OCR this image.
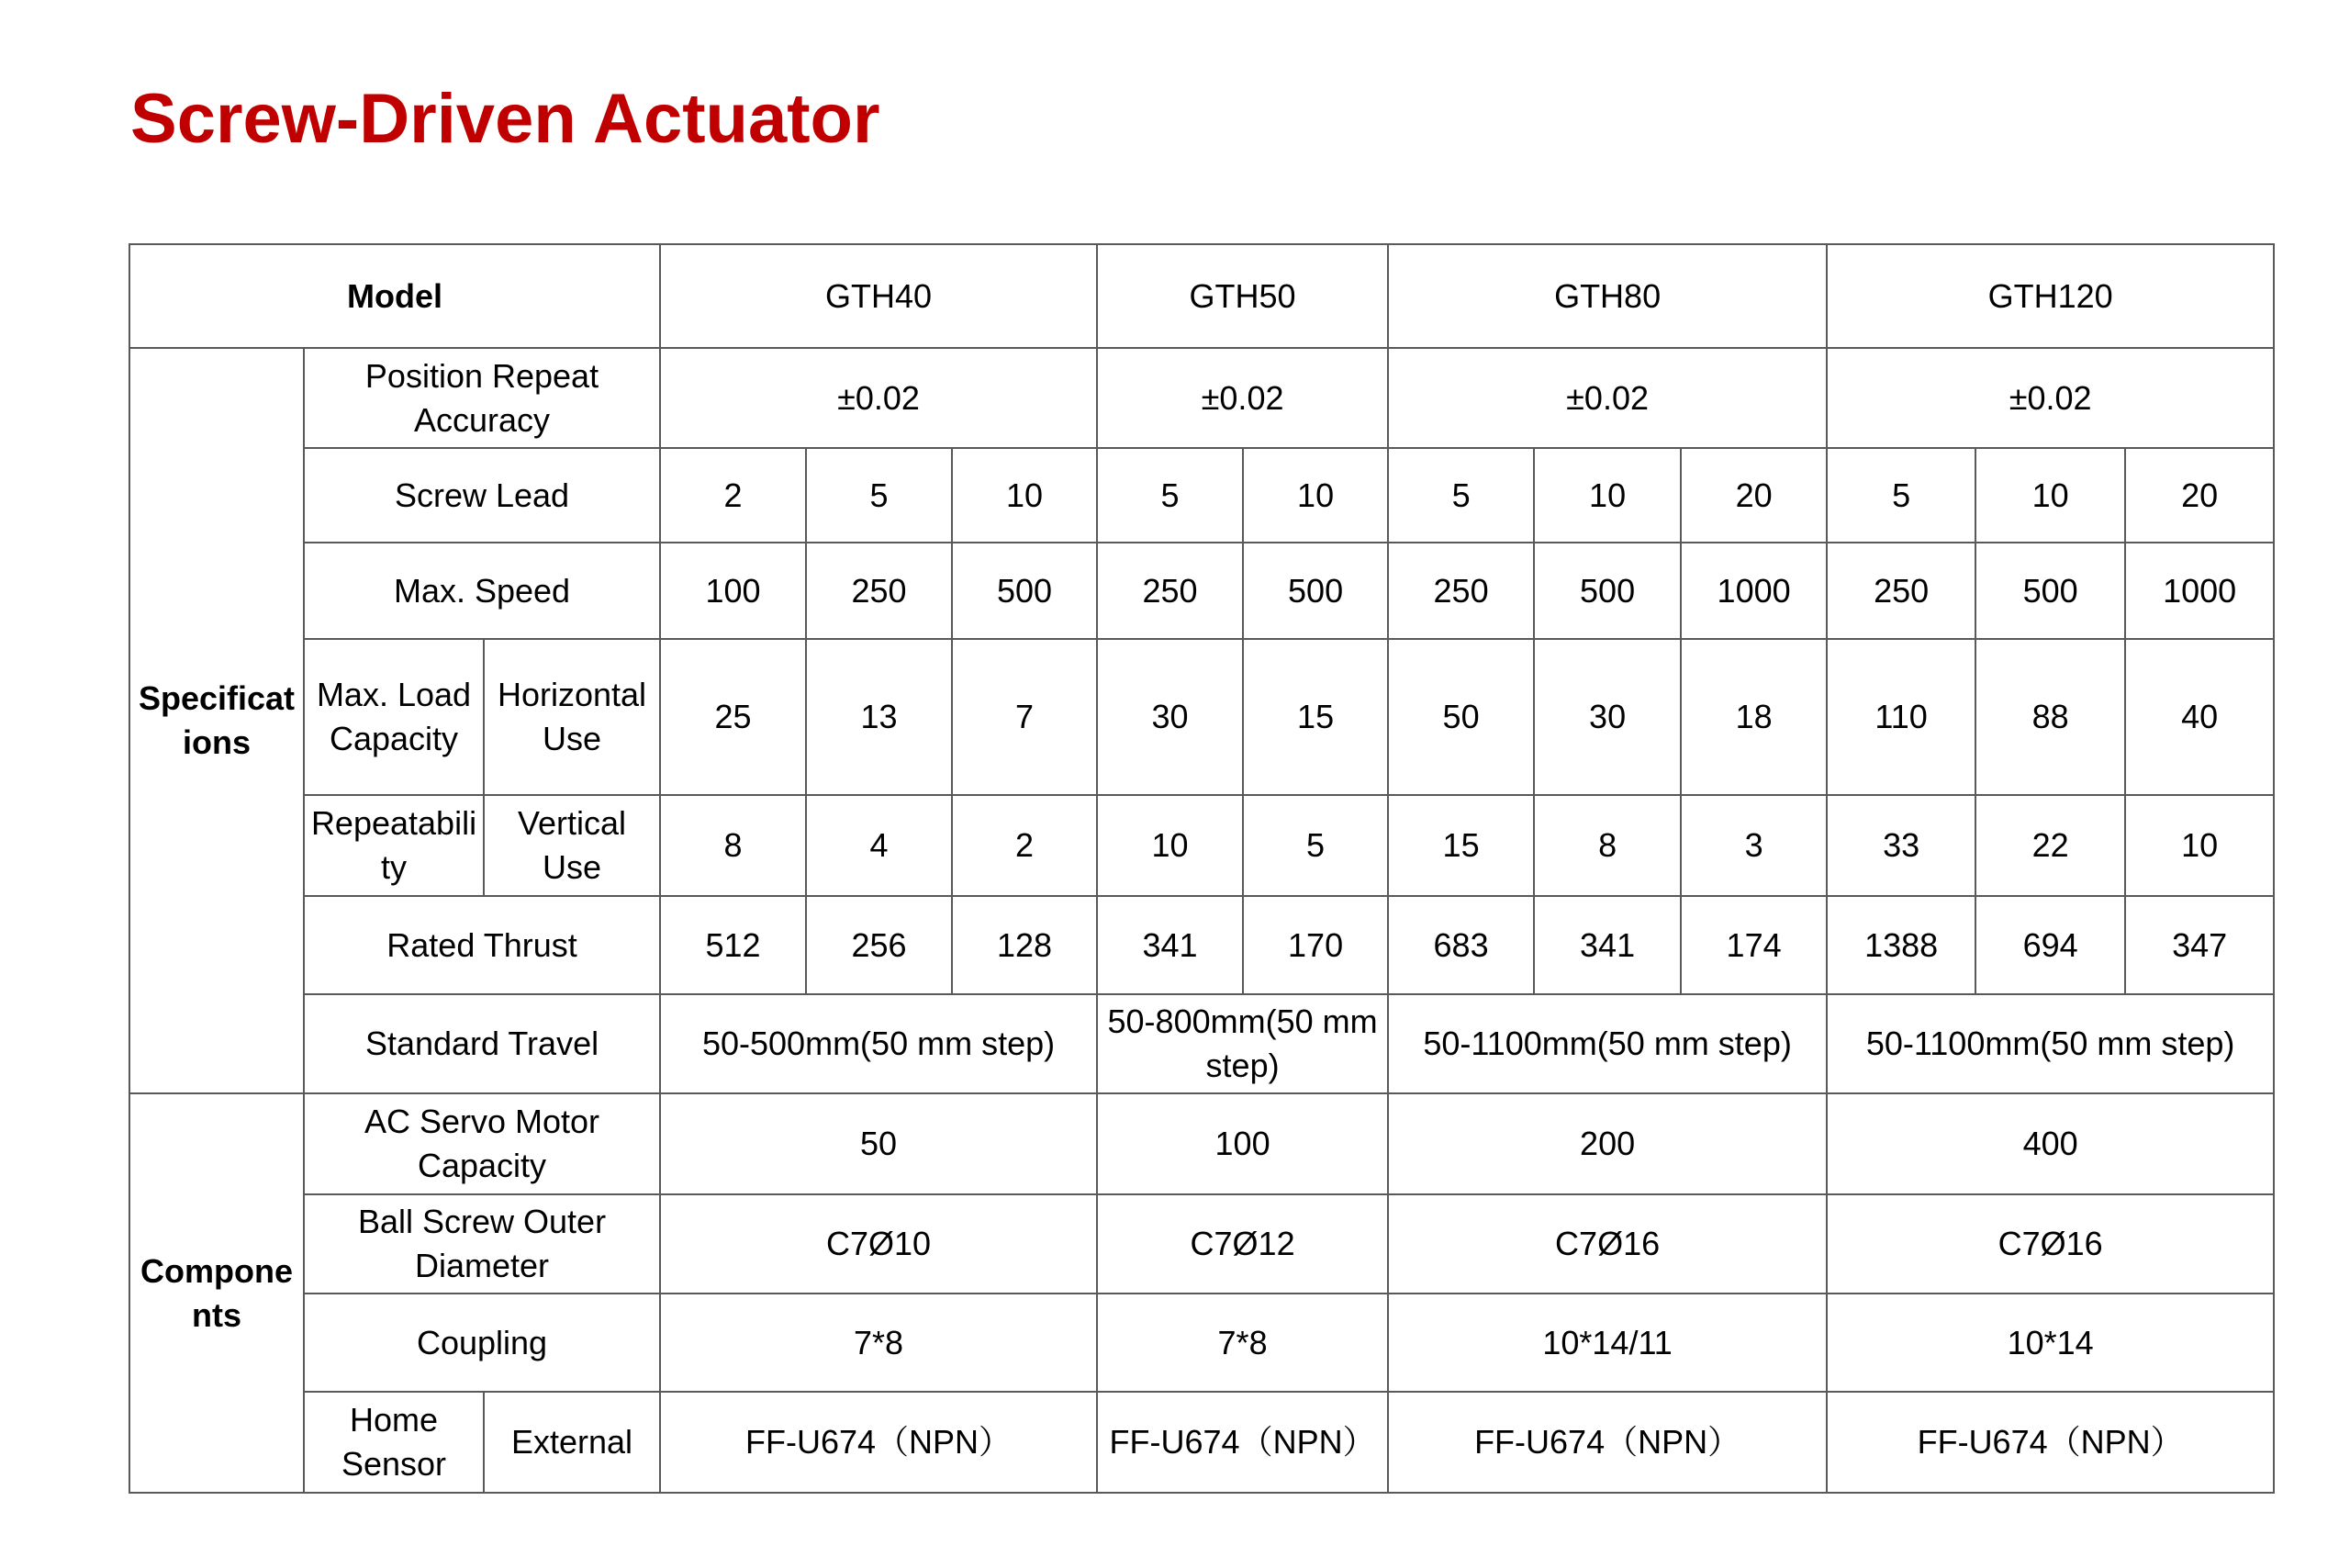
Screw-Driven Actuator
Model			GTH40			GTH50		GTH80			GTH120		
Specifications	Position Repeat Accuracy		±0.02			±0.02		±0.02			±0.02		
	Screw Lead		2	5	10	5	10	5	10	20	5	10	20
	Max. Speed		100	250	500	250	500	250	500	1000	250	500	1000
	Max. Load Capacity	Horizontal Use	25	13	7	30	15	50	30	18	110	88	40
	Repeatability	Vertical Use	8	4	2	10	5	15	8	3	33	22	10
	Rated Thrust		512	256	128	341	170	683	341	174	1388	694	347
	Standard Travel		50-500mm(50 mm step)			50-800mm(50 mm step)		50-1100mm(50 mm step)			50-1100mm(50 mm step)		
Components	AC Servo Motor Capacity		50			100		200			400		
	Ball Screw Outer Diameter		C7Ø10			C7Ø12		C7Ø16			C7Ø16		
	Coupling		7*8			7*8		10*14/11			10*14		
	Home Sensor	External	FF-U674（NPN）			FF-U674（NPN）		FF-U674（NPN）			FF-U674（NPN）		
